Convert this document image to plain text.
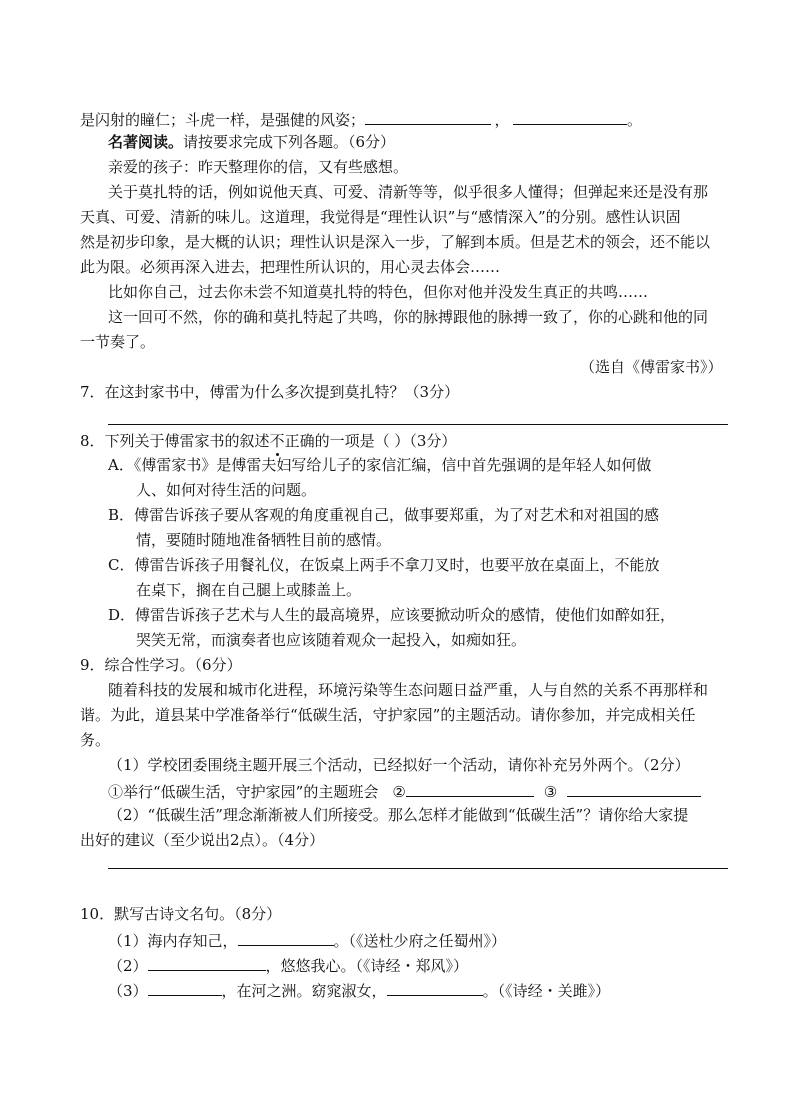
是闪射的瞳仁；斗虎一样，是强健的风姿；	，	。
名著阅读。请按要求完成下列各题。（6分）
亲爱的孩子：昨天整理你的信，又有些感想。
关于莫扎特的话，例如说他天真、可爱、清新等等，似乎很多人懂得；但弹起来还是没有那
天真、可爱、清新的味儿。这道理，我觉得是“理性认识”与“感情深入”的分别。感性认识固
然是初步印象，是大概的认识；理性认识是深入一步，了解到本质。但是艺术的领会，还不能以
此为限。必须再深入进去，把理性所认识的，用心灵去体会……
比如你自己，过去你未尝不知道莫扎特的特色，但你对他并没发生真正的共鸣……
这一回可不然，你的确和莫扎特起了共鸣，你的脉搏跟他的脉搏一致了，你的心跳和他的同
一节奏了。
（选自《傅雷家书》）
7．在这封家书中，傅雷为什么多次提到莫扎特？（3分）
8．下列关于傅雷家书的叙述不正确的一项是（ ）（3分）
A．《傅雷家书》是傅雷夫妇写给儿子的家信汇编，信中首先强调的是年轻人如何做
人、如何对待生活的问题。
B．傅雷告诉孩子要从客观的角度重视自己，做事要郑重，为了对艺术和对祖国的感
情，要随时随地准备牺牲目前的感情。
C．傅雷告诉孩子用餐礼仪，在饭桌上两手不拿刀叉时，也要平放在桌面上，不能放
在桌下，搁在自己腿上或膝盖上。
D．傅雷告诉孩子艺术与人生的最高境界，应该要掀动听众的感情，使他们如醉如狂，
哭笑无常，而演奏者也应该随着观众一起投入，如痴如狂。
9．综合性学习。（6分）
随着科技的发展和城市化进程，环境污染等生态问题日益严重，人与自然的关系不再那样和
谐。为此，道县某中学准备举行“低碳生活，守护家园”的主题活动。请你参加，并完成相关任
务。
（1）学校团委围绕主题开展三个活动，已经拟好一个活动，请你补充另外两个。（2分）
①举行“低碳生活，守护家园”的主题班会 ②	③
（2）“低碳生活”理念渐渐被人们所接受。那么怎样才能做到“低碳生活”？请你给大家提
出好的建议（至少说出2点）。（4分）
10．默写古诗文名句。（8分）
（1）海内存知己，	。（《送杜少府之任蜀州》）
（2）	，悠悠我心。（《诗经・郑风》）
（3）	，在河之洲。窈窕淑女，	。（《诗经・关雎》）
